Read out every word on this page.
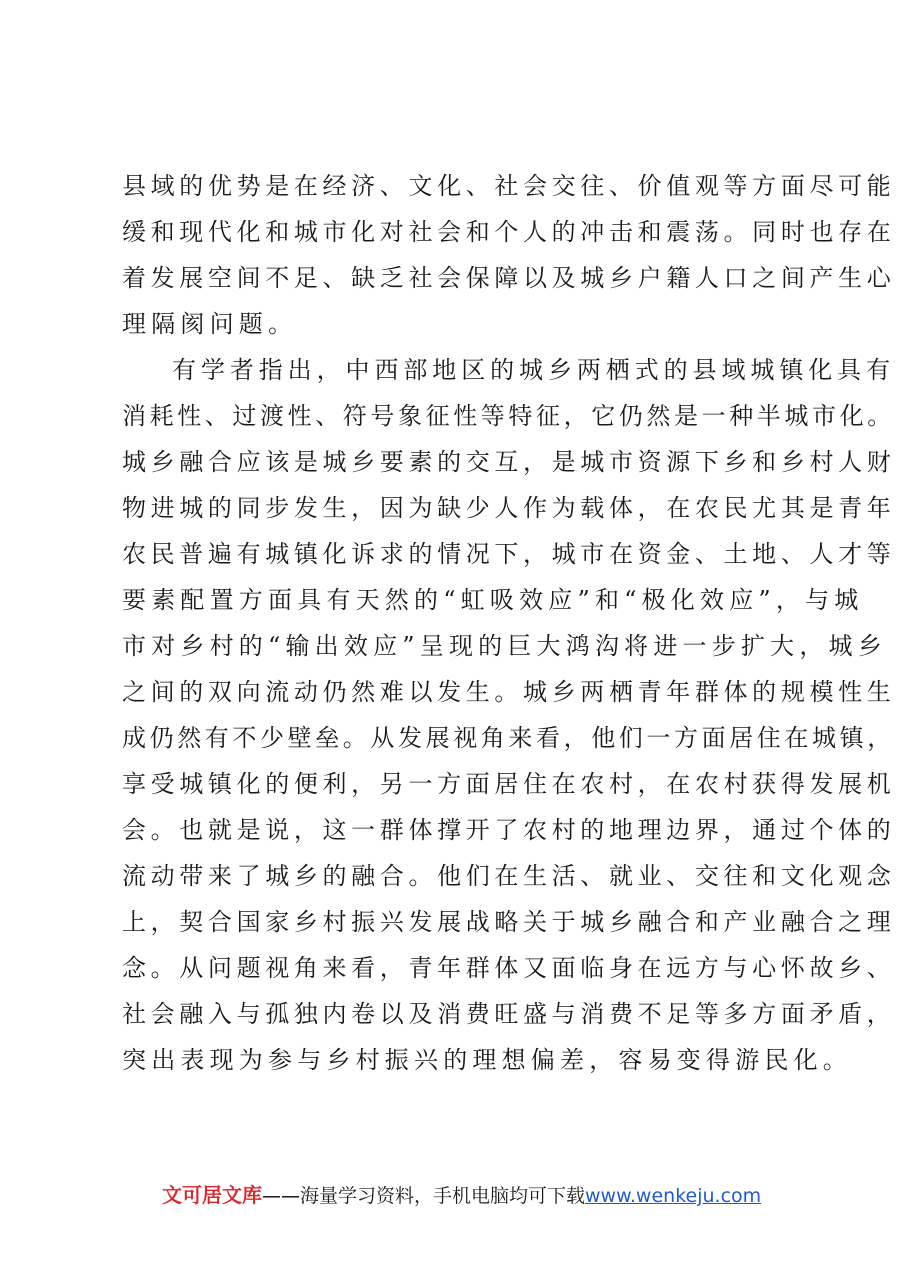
县域的优势是在经济、文化、社会交往、价值观等方面尽可能
缓和现代化和城市化对社会和个人的冲击和震荡。同时也存在
着发展空间不足、缺乏社会保障以及城乡户籍人口之间产生心
理隔阂问题。
有学者指出，中西部地区的城乡两栖式的县域城镇化具有
消耗性、过渡性、符号象征性等特征，它仍然是一种半城市化。
城乡融合应该是城乡要素的交互，是城市资源下乡和乡村人财
物进城的同步发生，因为缺少人作为载体，在农民尤其是青年
农民普遍有城镇化诉求的情况下，城市在资金、土地、人才等
要素配置方面具有天然的“虹吸效应”和“极化效应”，与城
市对乡村的“输出效应”呈现的巨大鸿沟将进一步扩大，城乡
之间的双向流动仍然难以发生。城乡两栖青年群体的规模性生
成仍然有不少壁垒。从发展视角来看，他们一方面居住在城镇，
享受城镇化的便利，另一方面居住在农村，在农村获得发展机
会。也就是说，这一群体撑开了农村的地理边界，通过个体的
流动带来了城乡的融合。他们在生活、就业、交往和文化观念
上，契合国家乡村振兴发展战略关于城乡融合和产业融合之理
念。从问题视角来看，青年群体又面临身在远方与心怀故乡、
社会融入与孤独内卷以及消费旺盛与消费不足等多方面矛盾，
突出表现为参与乡村振兴的理想偏差，容易变得游民化。
文可居文库——海量学习资料，手机电脑均可下载www.wenkeju.com
